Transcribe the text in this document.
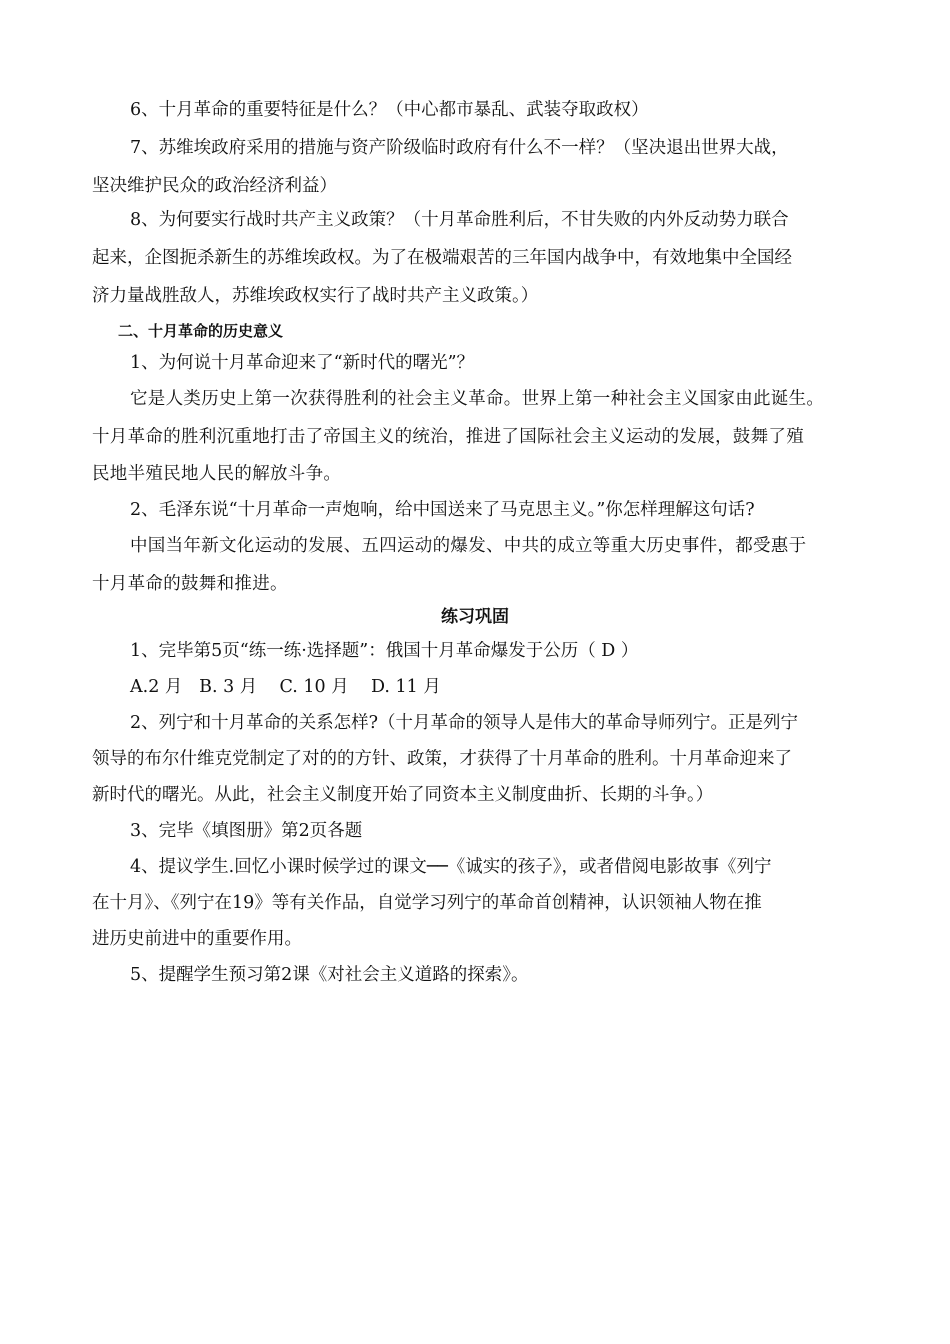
6、十月革命的重要特征是什么？（中心都市暴乱、武装夺取政权）
7、苏维埃政府采用的措施与资产阶级临时政府有什么不一样？（坚决退出世界大战，
坚决维护民众的政治经济利益）
8、为何要实行战时共产主义政策？（十月革命胜利后，不甘失败的内外反动势力联合
起来，企图扼杀新生的苏维埃政权。为了在极端艰苦的三年国内战争中，有效地集中全国经
济力量战胜敌人，苏维埃政权实行了战时共产主义政策。）
二、十月革命的历史意义
1、为何说十月革命迎来了“新时代的曙光”？
它是人类历史上第一次获得胜利的社会主义革命。世界上第一种社会主义国家由此诞生。
十月革命的胜利沉重地打击了帝国主义的统治，推进了国际社会主义运动的发展，鼓舞了殖
民地半殖民地人民的解放斗争。
2、毛泽东说“十月革命一声炮响，给中国送来了马克思主义。”你怎样理解这句话?
中国当年新文化运动的发展、五四运动的爆发、中共的成立等重大历史事件，都受惠于
十月革命的鼓舞和推进。
练习巩固
1、完毕第5页“练一练·选择题”：俄国十月革命爆发于公历（ D ）
A.2 月   B. 3 月    C. 10 月    D. 11 月
2、列宁和十月革命的关系怎样?（十月革命的领导人是伟大的革命导师列宁。正是列宁
领导的布尔什维克党制定了对的的方针、政策，才获得了十月革命的胜利。十月革命迎来了
新时代的曙光。从此，社会主义制度开始了同资本主义制度曲折、长期的斗争。）
3、完毕《填图册》第2页各题
4、提议学生.回忆小课时候学过的课文──《诚实的孩子》，或者借阅电影故事《列宁
在十月》、《列宁在19》等有关作品，自觉学习列宁的革命首创精神，认识领袖人物在推
进历史前进中的重要作用。
5、提醒学生预习第2课《对社会主义道路的探索》。
